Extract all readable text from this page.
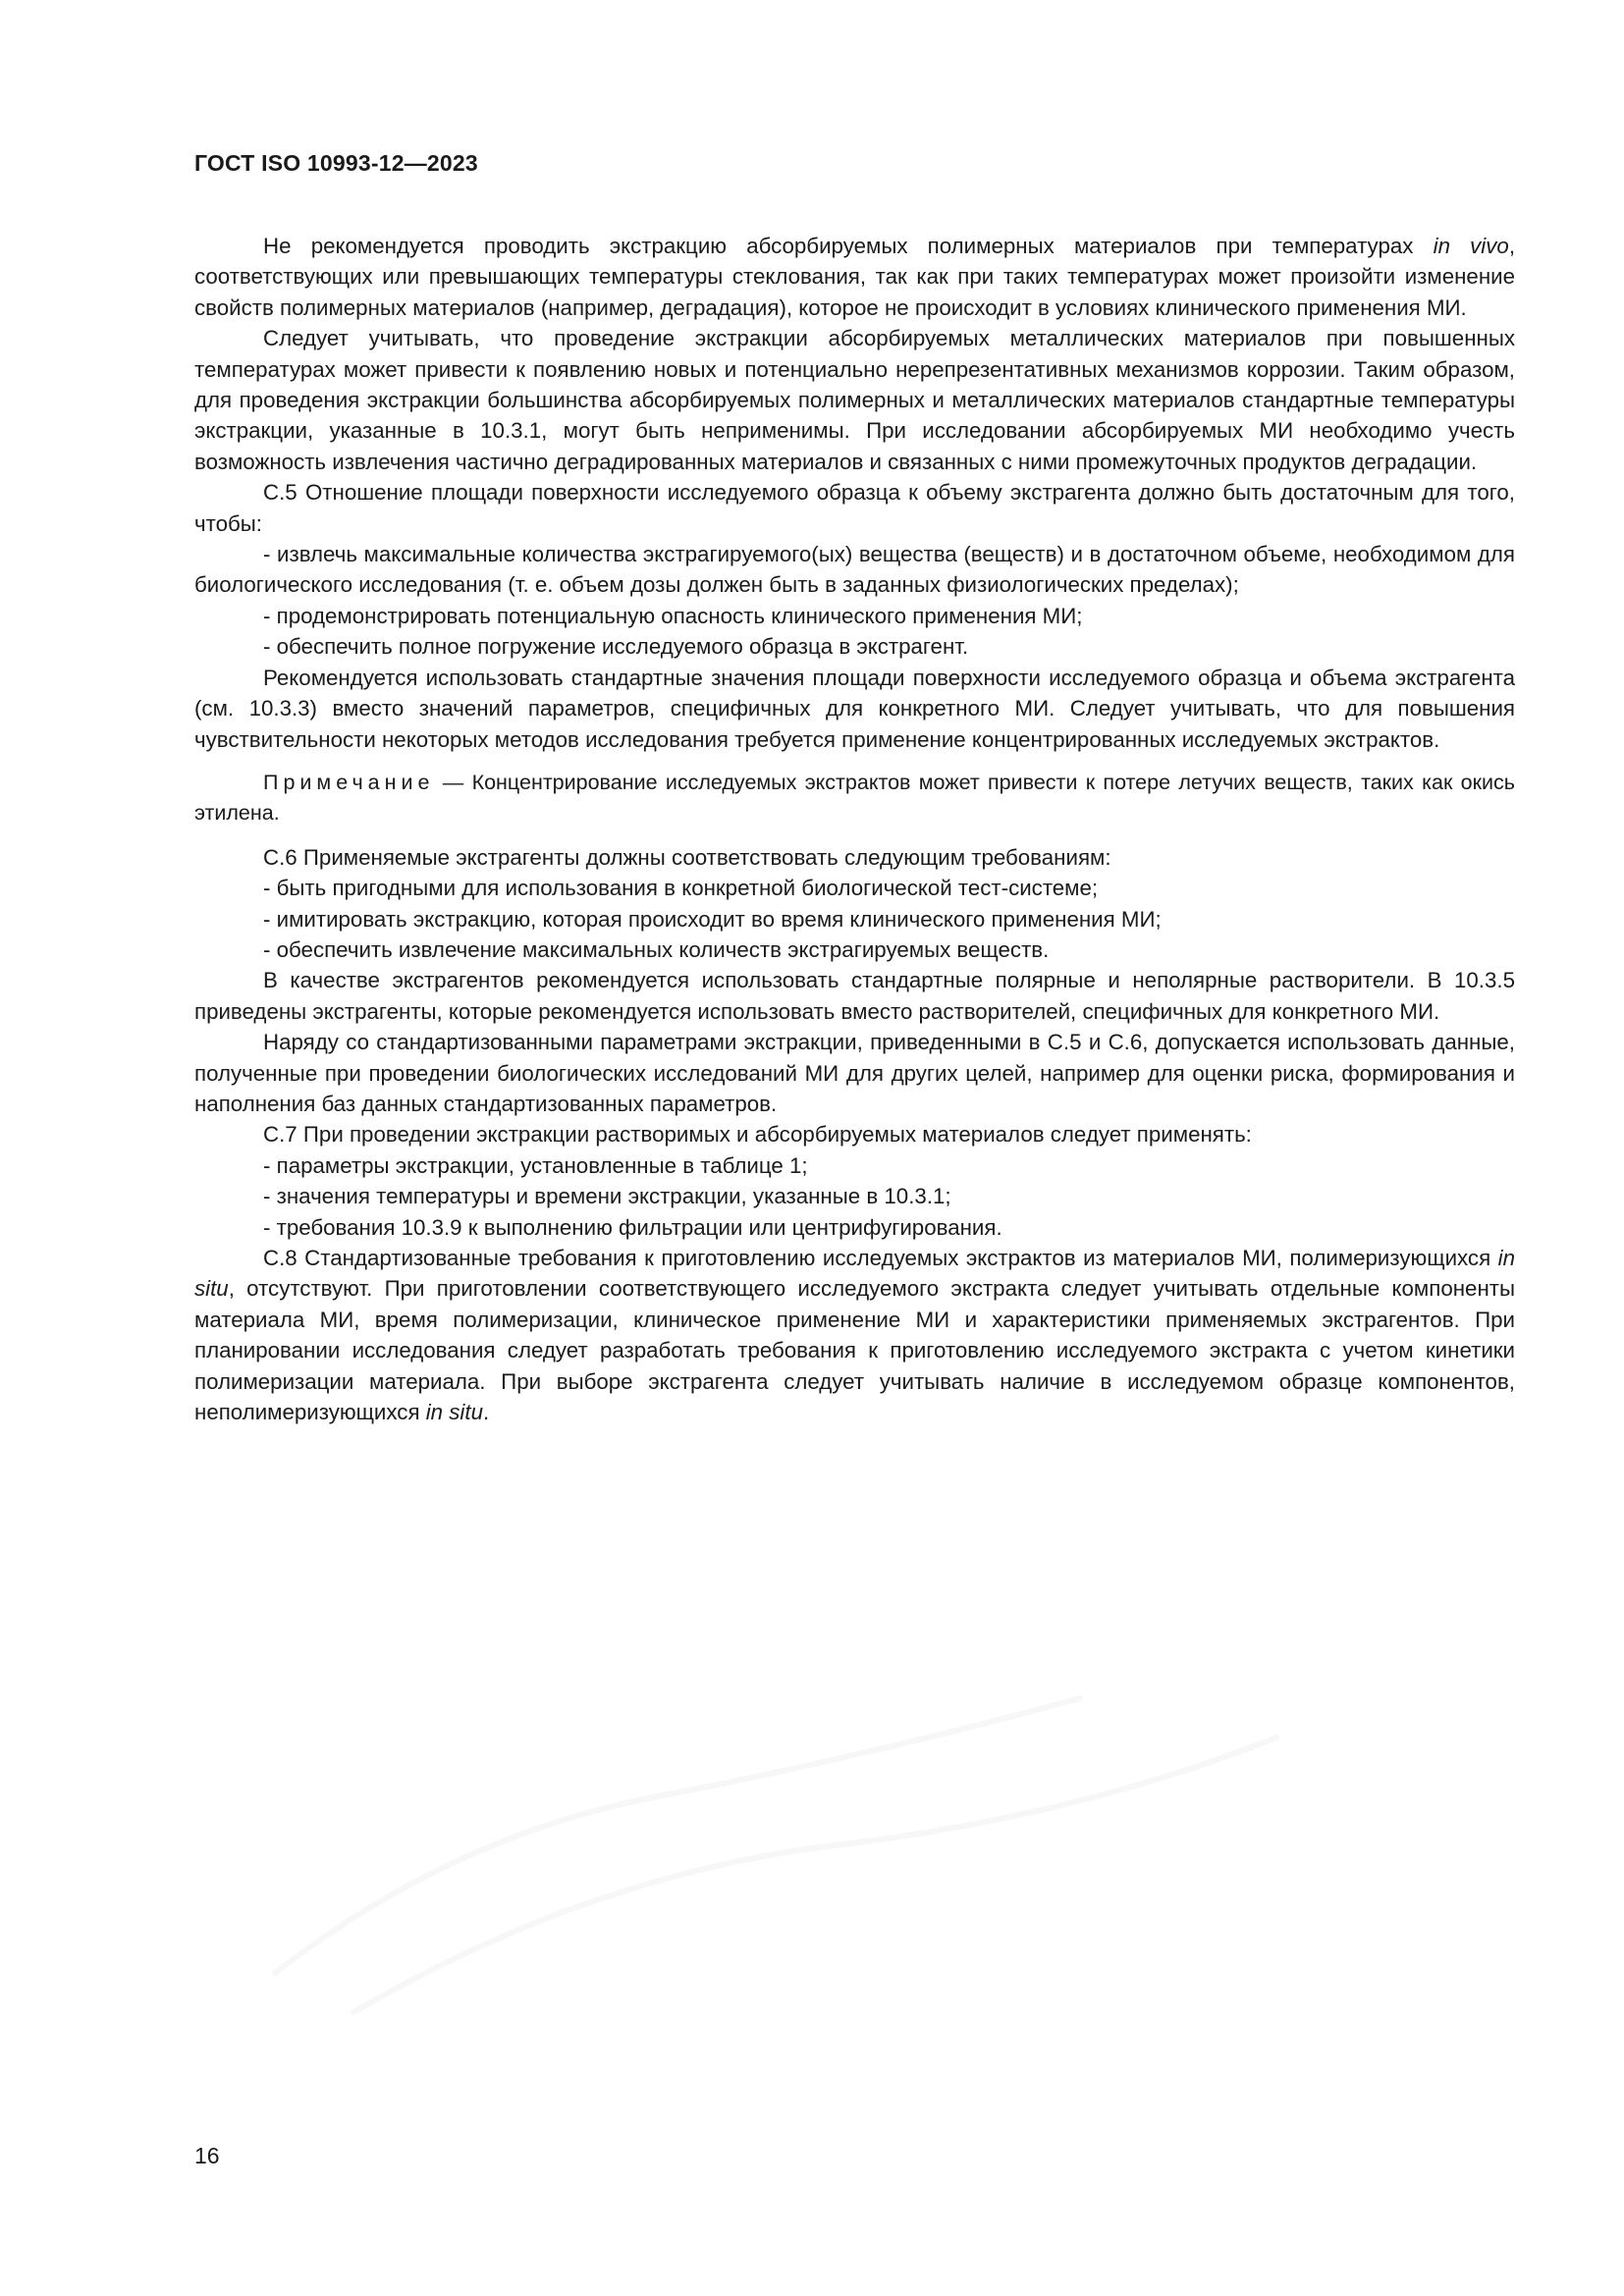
ГОСТ ISO 10993-12—2023

Не рекомендуется проводить экстракцию абсорбируемых полимерных материалов при температурах in vivo, соответствующих или превышающих температуры стеклования, так как при таких температурах может произойти изменение свойств полимерных материалов (например, деградация), которое не происходит в условиях клинического применения МИ.

Следует учитывать, что проведение экстракции абсорбируемых металлических материалов при повышенных температурах может привести к появлению новых и потенциально нерепрезентативных механизмов коррозии. Таким образом, для проведения экстракции большинства абсорбируемых полимерных и металлических материалов стандартные температуры экстракции, указанные в 10.3.1, могут быть неприменимы. При исследовании абсорбируемых МИ необходимо учесть возможность извлечения частично деградированных материалов и связанных с ними промежуточных продуктов деградации.

С.5 Отношение площади поверхности исследуемого образца к объему экстрагента должно быть достаточным для того, чтобы:

- извлечь максимальные количества экстрагируемого(ых) вещества (веществ) и в достаточном объеме, необходимом для биологического исследования (т. е. объем дозы должен быть в заданных физиологических пределах);

- продемонстрировать потенциальную опасность клинического применения МИ;

- обеспечить полное погружение исследуемого образца в экстрагент.

Рекомендуется использовать стандартные значения площади поверхности исследуемого образца и объема экстрагента (см. 10.3.3) вместо значений параметров, специфичных для конкретного МИ. Следует учитывать, что для повышения чувствительности некоторых методов исследования требуется применение концентрированных исследуемых экстрактов.

Примечание — Концентрирование исследуемых экстрактов может привести к потере летучих веществ, таких как окись этилена.

С.6 Применяемые экстрагенты должны соответствовать следующим требованиям:

- быть пригодными для использования в конкретной биологической тест-системе;

- имитировать экстракцию, которая происходит во время клинического применения МИ;

- обеспечить извлечение максимальных количеств экстрагируемых веществ.

В качестве экстрагентов рекомендуется использовать стандартные полярные и неполярные растворители. В 10.3.5 приведены экстрагенты, которые рекомендуется использовать вместо растворителей, специфичных для конкретного МИ.

Наряду со стандартизованными параметрами экстракции, приведенными в С.5 и С.6, допускается использовать данные, полученные при проведении биологических исследований МИ для других целей, например для оценки риска, формирования и наполнения баз данных стандартизованных параметров.

С.7 При проведении экстракции растворимых и абсорбируемых материалов следует применять:

- параметры экстракции, установленные в таблице 1;

- значения температуры и времени экстракции, указанные в 10.3.1;

- требования 10.3.9 к выполнению фильтрации или центрифугирования.

С.8 Стандартизованные требования к приготовлению исследуемых экстрактов из материалов МИ, полимеризующихся in situ, отсутствуют. При приготовлении соответствующего исследуемого экстракта следует учитывать отдельные компоненты материала МИ, время полимеризации, клиническое применение МИ и характеристики применяемых экстрагентов. При планировании исследования следует разработать требования к приготовлению исследуемого экстракта с учетом кинетики полимеризации материала. При выборе экстрагента следует учитывать наличие в исследуемом образце компонентов, неполимеризующихся in situ.

16
